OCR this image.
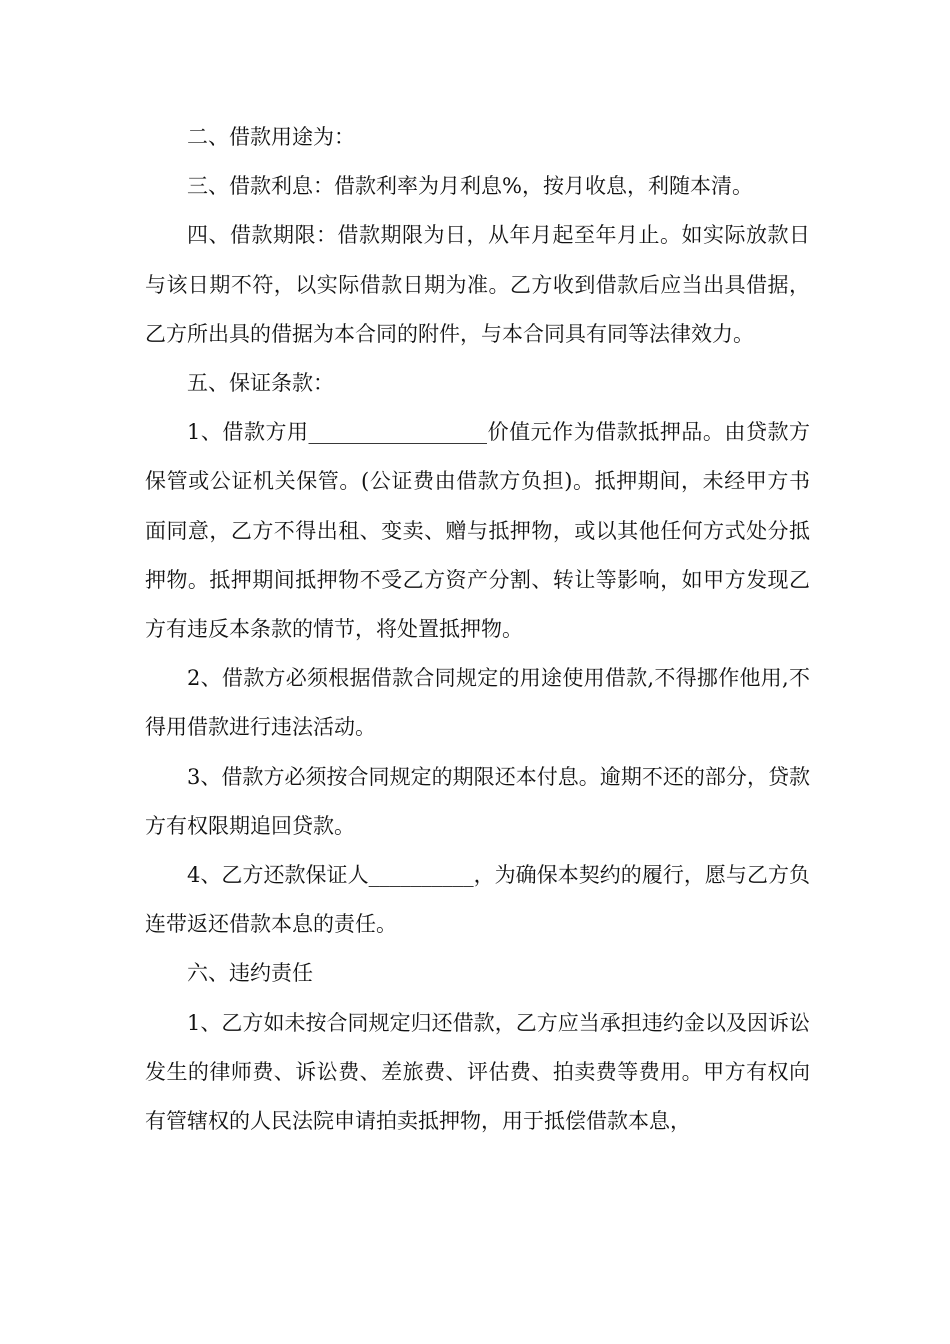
二、借款用途为：

三、借款利息：借款利率为月利息%，按月收息，利随本清。

四、借款期限：借款期限为日，从年月起至年月止。如实际放款日与该日期不符，以实际借款日期为准。乙方收到借款后应当出具借据，乙方所出具的借据为本合同的附件，与本合同具有同等法律效力。

五、保证条款：

1、借款方用_________________价值元作为借款抵押品。由贷款方保管或公证机关保管。(公证费由借款方负担)。抵押期间，未经甲方书面同意，乙方不得出租、变卖、赠与抵押物，或以其他任何方式处分抵押物。抵押期间抵押物不受乙方资产分割、转让等影响，如甲方发现乙方有违反本条款的情节，将处置抵押物。

2、借款方必须根据借款合同规定的用途使用借款,不得挪作他用,不得用借款进行违法活动。

3、借款方必须按合同规定的期限还本付息。逾期不还的部分，贷款方有权限期追回贷款。

4、乙方还款保证人__________，为确保本契约的履行，愿与乙方负连带返还借款本息的责任。

六、违约责任

1、乙方如未按合同规定归还借款，乙方应当承担违约金以及因诉讼发生的律师费、诉讼费、差旅费、评估费、拍卖费等费用。甲方有权向有管辖权的人民法院申请拍卖抵押物，用于抵偿借款本息，
